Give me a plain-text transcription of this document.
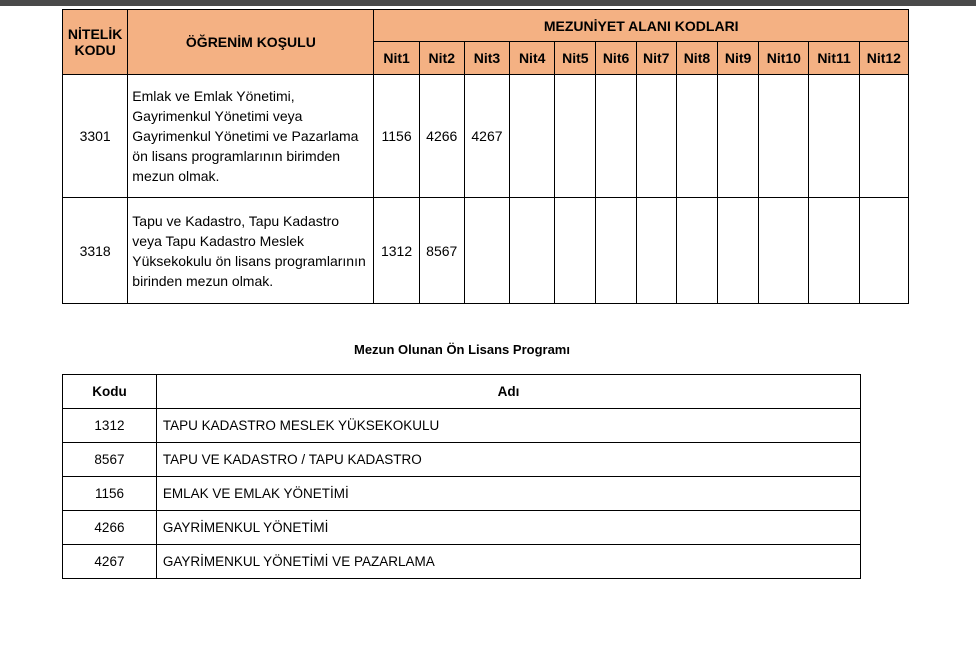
NİTELİK KODU	ÖĞRENİM KOŞULU	MEZUNİYET ALANI KODLARI											
		Nit1	Nit2	Nit3	Nit4	Nit5	Nit6	Nit7	Nit8	Nit9	Nit10	Nit11	Nit12
3301	Emlak ve Emlak Yönetimi, Gayrimenkul Yönetimi veya Gayrimenkul Yönetimi ve Pazarlama ön lisans programlarının birimden mezun olmak.	1156	4266	4267									
3318	Tapu ve Kadastro, Tapu Kadastro veya Tapu Kadastro Meslek Yüksekokulu ön lisans programlarının birinden mezun olmak.	1312	8567										
Mezun Olunan Ön Lisans Programı
Kodu	Adı
1312	TAPU KADASTRO MESLEK YÜKSEKOKULU
8567	TAPU VE KADASTRO / TAPU KADASTRO
1156	EMLAK VE EMLAK YÖNETİMİ
4266	GAYRİMENKUL YÖNETİMİ
4267	GAYRİMENKUL YÖNETİMİ VE PAZARLAMA
